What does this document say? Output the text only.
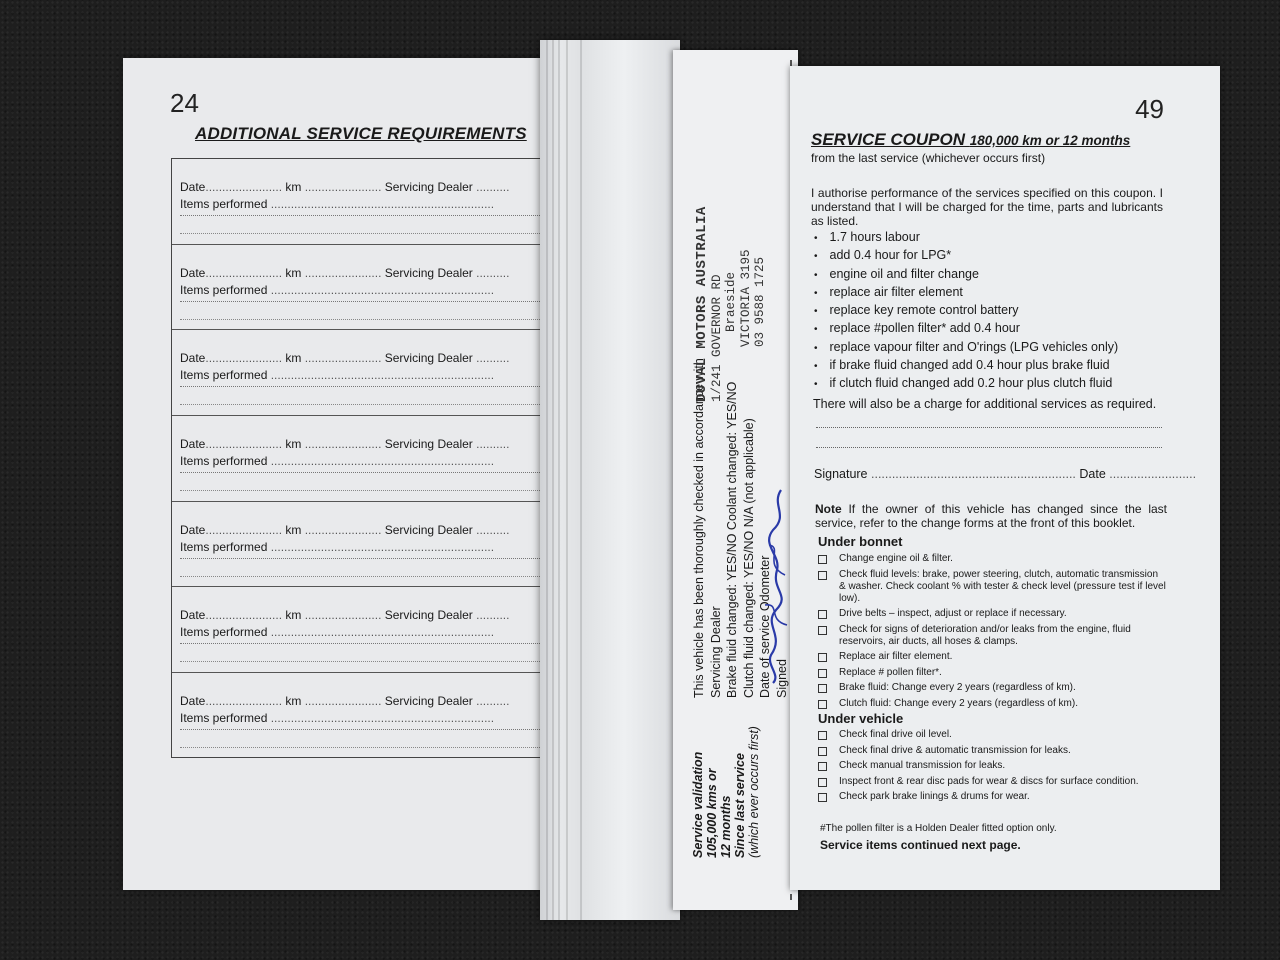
24
ADDITIONAL SERVICE REQUIREMENTS
Date....................... km ....................... Servicing Dealer ..........
Items performed ...................................................................
Date....................... km ....................... Servicing Dealer ..........
Items performed ...................................................................
Date....................... km ....................... Servicing Dealer ..........
Items performed ...................................................................
Date....................... km ....................... Servicing Dealer ..........
Items performed ...................................................................
Date....................... km ....................... Servicing Dealer ..........
Items performed ...................................................................
Date....................... km ....................... Servicing Dealer ..........
Items performed ...................................................................
Date....................... km ....................... Servicing Dealer ..........
Items performed ...................................................................
Service validation 105,000 kms or 12 months Since last service (which ever occurs first)
This vehicle has been thoroughly checked in accordance with Servicing Dealer Brake fluid changed: YES/NO Coolant changed: YES/NO Clutch fluid changed: YES/NO N/A (not applicable) Date of service Odometer Signed
DUVAL MOTORS AUSTRALIA 1/241 GOVERNOR RD Braeside VICTORIA 3195 03 9588 1725
49
SERVICE COUPON 180,000 km or 12 months
from the last service (whichever occurs first)
I authorise performance of the services specified on this coupon. I understand that I will be charged for the time, parts and lubricants as listed.
• 1.7 hours labour
• add 0.4 hour for LPG*
• engine oil and filter change
• replace air filter element
• replace key remote control battery
• replace #pollen filter* add 0.4 hour
• replace vapour filter and O'rings (LPG vehicles only)
• if brake fluid changed add 0.4 hour plus brake fluid
• if clutch fluid changed add 0.2 hour plus clutch fluid
There will also be a charge for additional services as required.
Signature ........................................................... Date .........................
Note If the owner of this vehicle has changed since the last service, refer to the change forms at the front of this booklet.
Under bonnet
Change engine oil & filter.
Check fluid levels: brake, power steering, clutch, automatic transmission & washer. Check coolant % with tester & check level (pressure test if level low).
Drive belts – inspect, adjust or replace if necessary.
Check for signs of deterioration and/or leaks from the engine, fluid reservoirs, air ducts, all hoses & clamps.
Replace air filter element.
Replace # pollen filter*.
Brake fluid: Change every 2 years (regardless of km).
Clutch fluid: Change every 2 years (regardless of km).
Under vehicle
Check final drive oil level.
Check final drive & automatic transmission for leaks.
Check manual transmission for leaks.
Inspect front & rear disc pads for wear & discs for surface condition.
Check park brake linings & drums for wear.
#The pollen filter is a Holden Dealer fitted option only.
Service items continued next page.
